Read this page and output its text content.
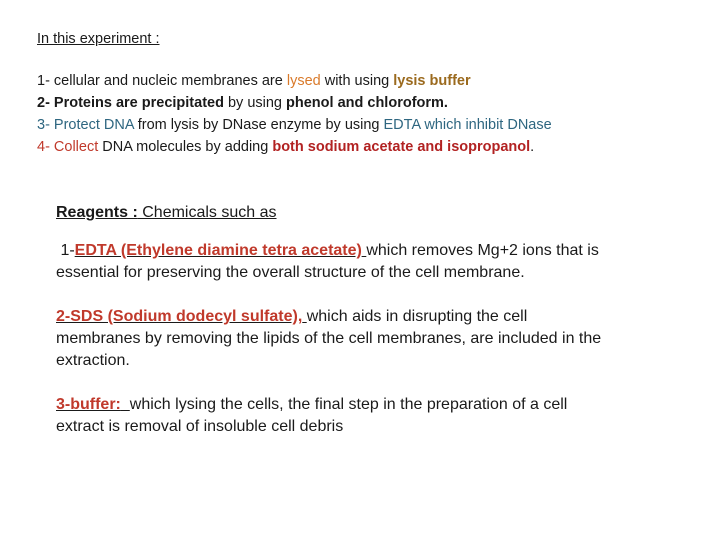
In this experiment :
1- cellular and nucleic membranes are lysed with using lysis buffer
2- Proteins are precipitated by using phenol and chloroform.
3- Protect DNA from lysis by DNase enzyme by using EDTA which inhibit DNase
4- Collect DNA molecules by adding both sodium acetate and isopropanol.
Reagents : Chemicals such as
1-EDTA (Ethylene diamine tetra acetate) which removes Mg+2 ions that is essential for preserving the overall structure of the cell membrane.
2-SDS (Sodium dodecyl sulfate), which aids in disrupting the cell membranes by removing the lipids of the cell membranes, are included in the extraction.
3-buffer: which lysing the cells, the final step in the preparation of a cell extract is removal of insoluble cell debris
